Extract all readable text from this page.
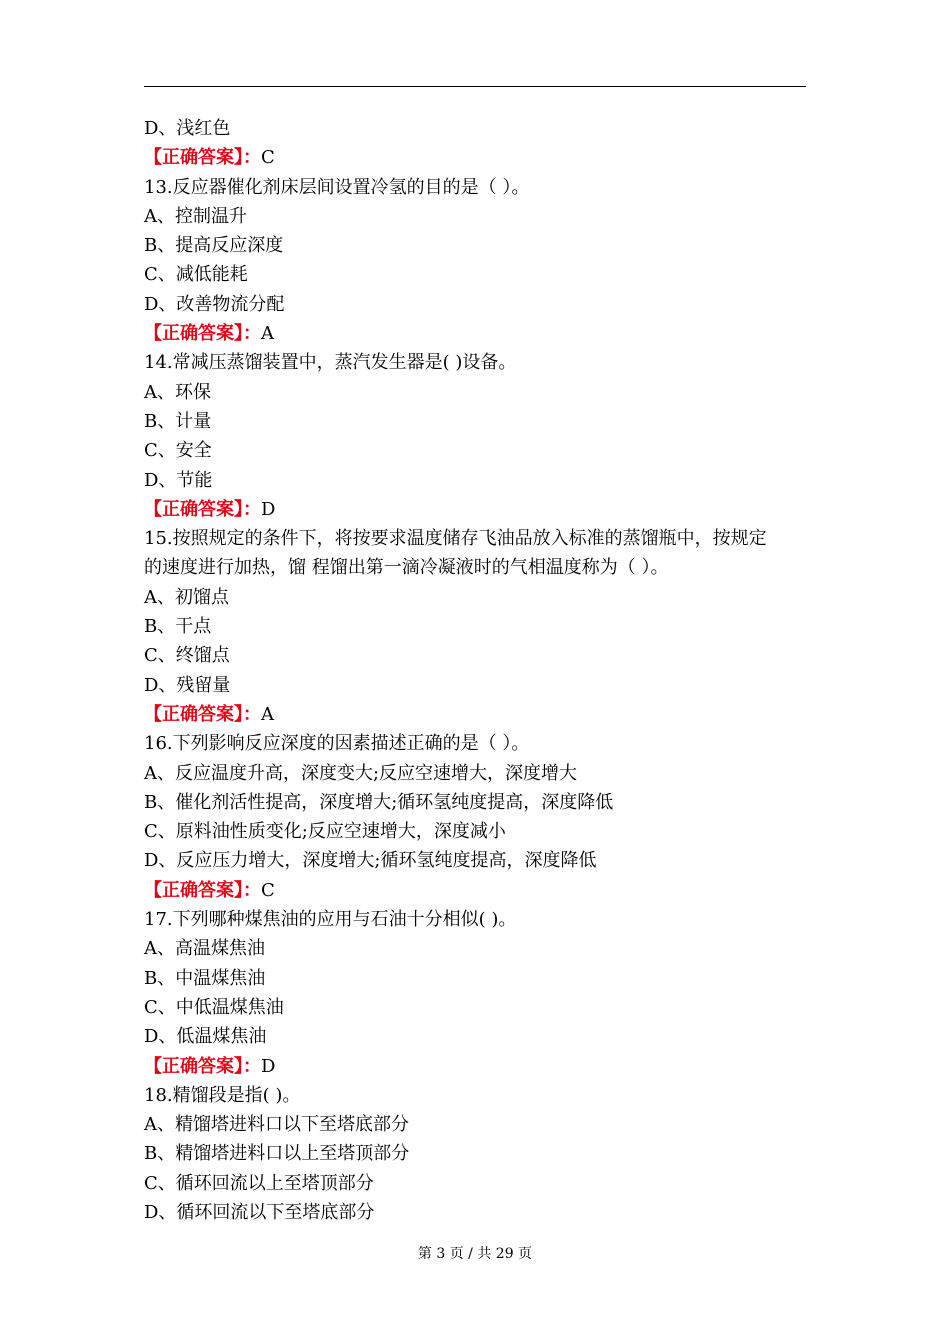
D、浅红色
【正确答案】：C
13.反应器催化剂床层间设置冷氢的目的是（ ）。
A、控制温升
B、提高反应深度
C、减低能耗
D、改善物流分配
【正确答案】：A
14.常减压蒸馏装置中，蒸汽发生器是( )设备。
A、环保
B、计量
C、安全
D、节能
【正确答案】：D
15.按照规定的条件下，将按要求温度储存飞油品放入标准的蒸馏瓶中，按规定
的速度进行加热，馏 程馏出第一滴冷凝液时的气相温度称为（ ）。
A、初馏点
B、干点
C、终馏点
D、残留量
【正确答案】：A
16.下列影响反应深度的因素描述正确的是（ ）。
A、反应温度升高，深度变大;反应空速增大，深度增大
B、催化剂活性提高，深度增大;循环氢纯度提高，深度降低
C、原料油性质变化;反应空速增大，深度减小
D、反应压力增大，深度增大;循环氢纯度提高，深度降低
【正确答案】：C
17.下列哪种煤焦油的应用与石油十分相似( )。
A、高温煤焦油
B、中温煤焦油
C、中低温煤焦油
D、低温煤焦油
【正确答案】：D
18.精馏段是指( )。
A、精馏塔进料口以下至塔底部分
B、精馏塔进料口以上至塔顶部分
C、循环回流以上至塔顶部分
D、循环回流以下至塔底部分
第 3 页 / 共 29 页
